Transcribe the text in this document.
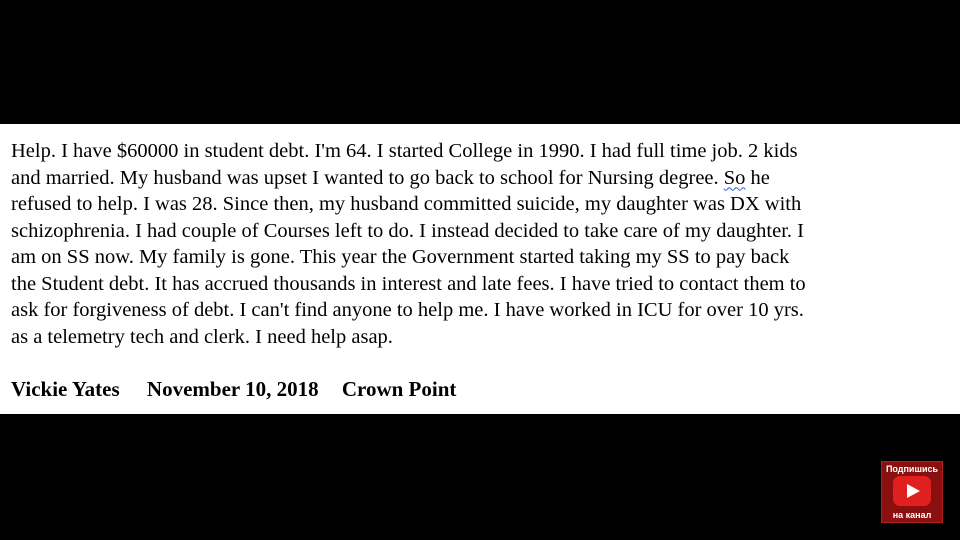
Help. I have $60000 in student debt. I'm 64. I started College in 1990. I had full time job. 2 kids
and married. My husband was upset I wanted to go back to school for Nursing degree. So he
refused to help. I was 28. Since then, my husband committed suicide, my daughter was DX with
schizophrenia. I had couple of Courses left to do. I instead decided to take care of my daughter. I
am on SS now. My family is gone. This year the Government started taking my SS to pay back
the Student debt. It has accrued thousands in interest and late fees. I have tried to contact them to
ask for forgiveness of debt. I can't find anyone to help me. I have worked in ICU for over 10 yrs.
as a telemetry tech and clerk. I need help asap.
Vickie Yates November 10, 2018 Crown Point
Подпишись
на канал
